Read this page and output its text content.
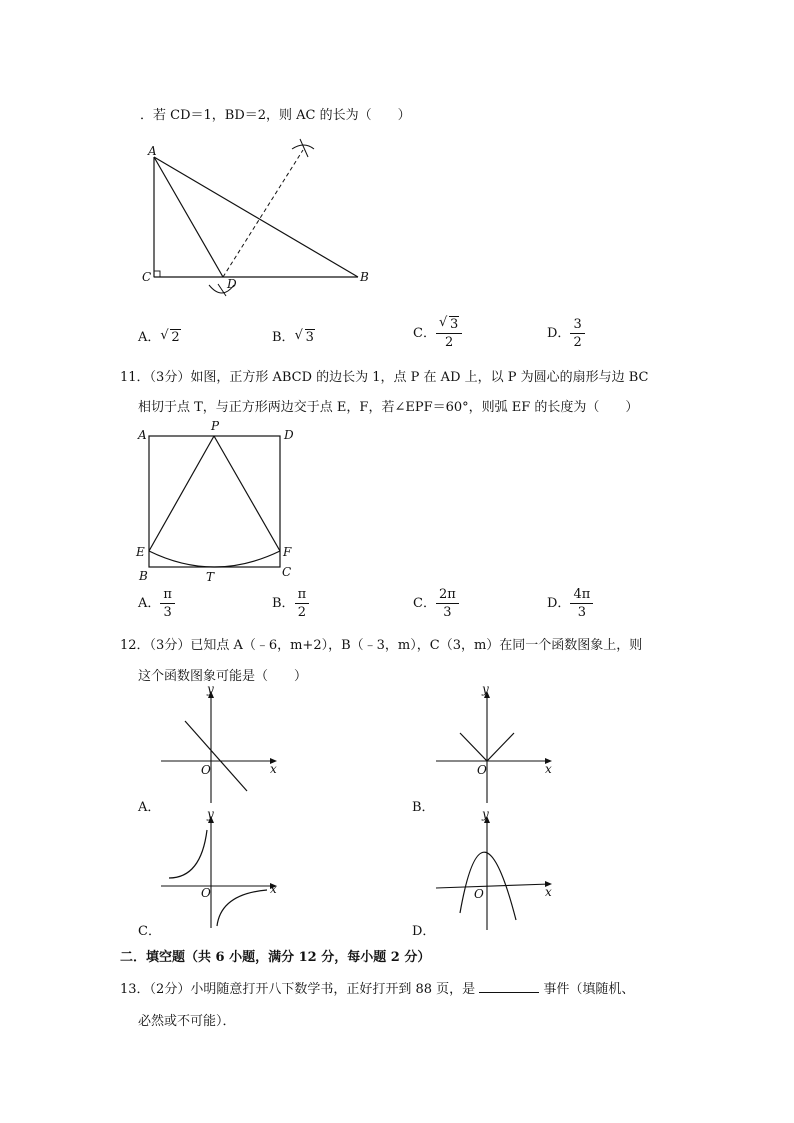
．若 CD＝1，BD＝2，则 AC 的长为（　　）
A
B
C	D
A． √ 2	B． √ 3	C． $\frac{√ 3}{2}$	D． $\frac{3}{2}$
11．（3分）如图，正方形 ABCD 的边长为 1，点 P 在 AD 上，以 P 为圆心的扇形与边 BC
相切于点 T，与正方形两边交于点 E，F，若∠EPF＝60°，则弧 EF 的长度为（　　）
A
P
D
E	F
B	T	C
A． $\frac{\pi}{3}$	B． $\frac{\pi}{2}$	C． $\frac{2\pi}{3}$	D． $\frac{4\pi}{3}$
12．（3分）已知点 A（﹣6，m+2），B（﹣3，m），C（3，m）在同一个函数图象上，则
这个函数图象可能是（　　）
y
x
O
A．
y
x
O
B．
y
x
O
C．
y
x
O
D．
二．填空题（共 6 小题，满分 12 分，每小题 2 分）
13．（2分）小明随意打开八下数学书，正好打开到 88 页，是	事件（填随机、
必然或不可能）．
